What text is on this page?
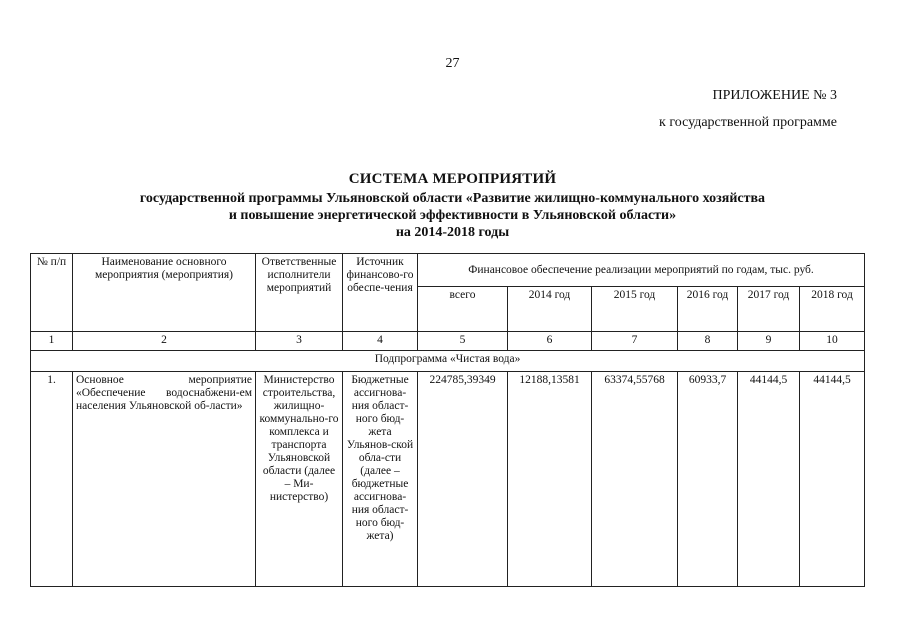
27
ПРИЛОЖЕНИЕ № 3
к государственной программе
СИСТЕМА МЕРОПРИЯТИЙ
государственной программы Ульяновской области «Развитие жилищно-коммунального хозяйства
и повышение энергетической эффективности в Ульяновской области»
на 2014-2018 годы
№ п/п	Наименование основного мероприятия (мероприятия)	Ответственные исполнители мероприятий	Источник финансово-го обеспе-чения	Финансовое обеспечение реализации мероприятий по годам, тыс. руб.					
				всего	2014 год	2015 год	2016 год	2017 год	2018 год
1	2	3	4	5	6	7	8	9	10
Подпрограмма «Чистая вода»									
1.	Основное мероприятие «Обеспечение водоснабжени-ем населения Ульяновской об-ласти»	Министерство строительства, жилищно-коммунально-го комплекса и транспорта Ульяновской области (далее – Ми-нистерство)	Бюджетные ассигнова-ния област-ного бюд-жета Ульянов-ской обла-сти (далее – бюджетные ассигнова-ния област-ного бюд-жета)	224785,39349	12188,13581	63374,55768	60933,7	44144,5	44144,5
